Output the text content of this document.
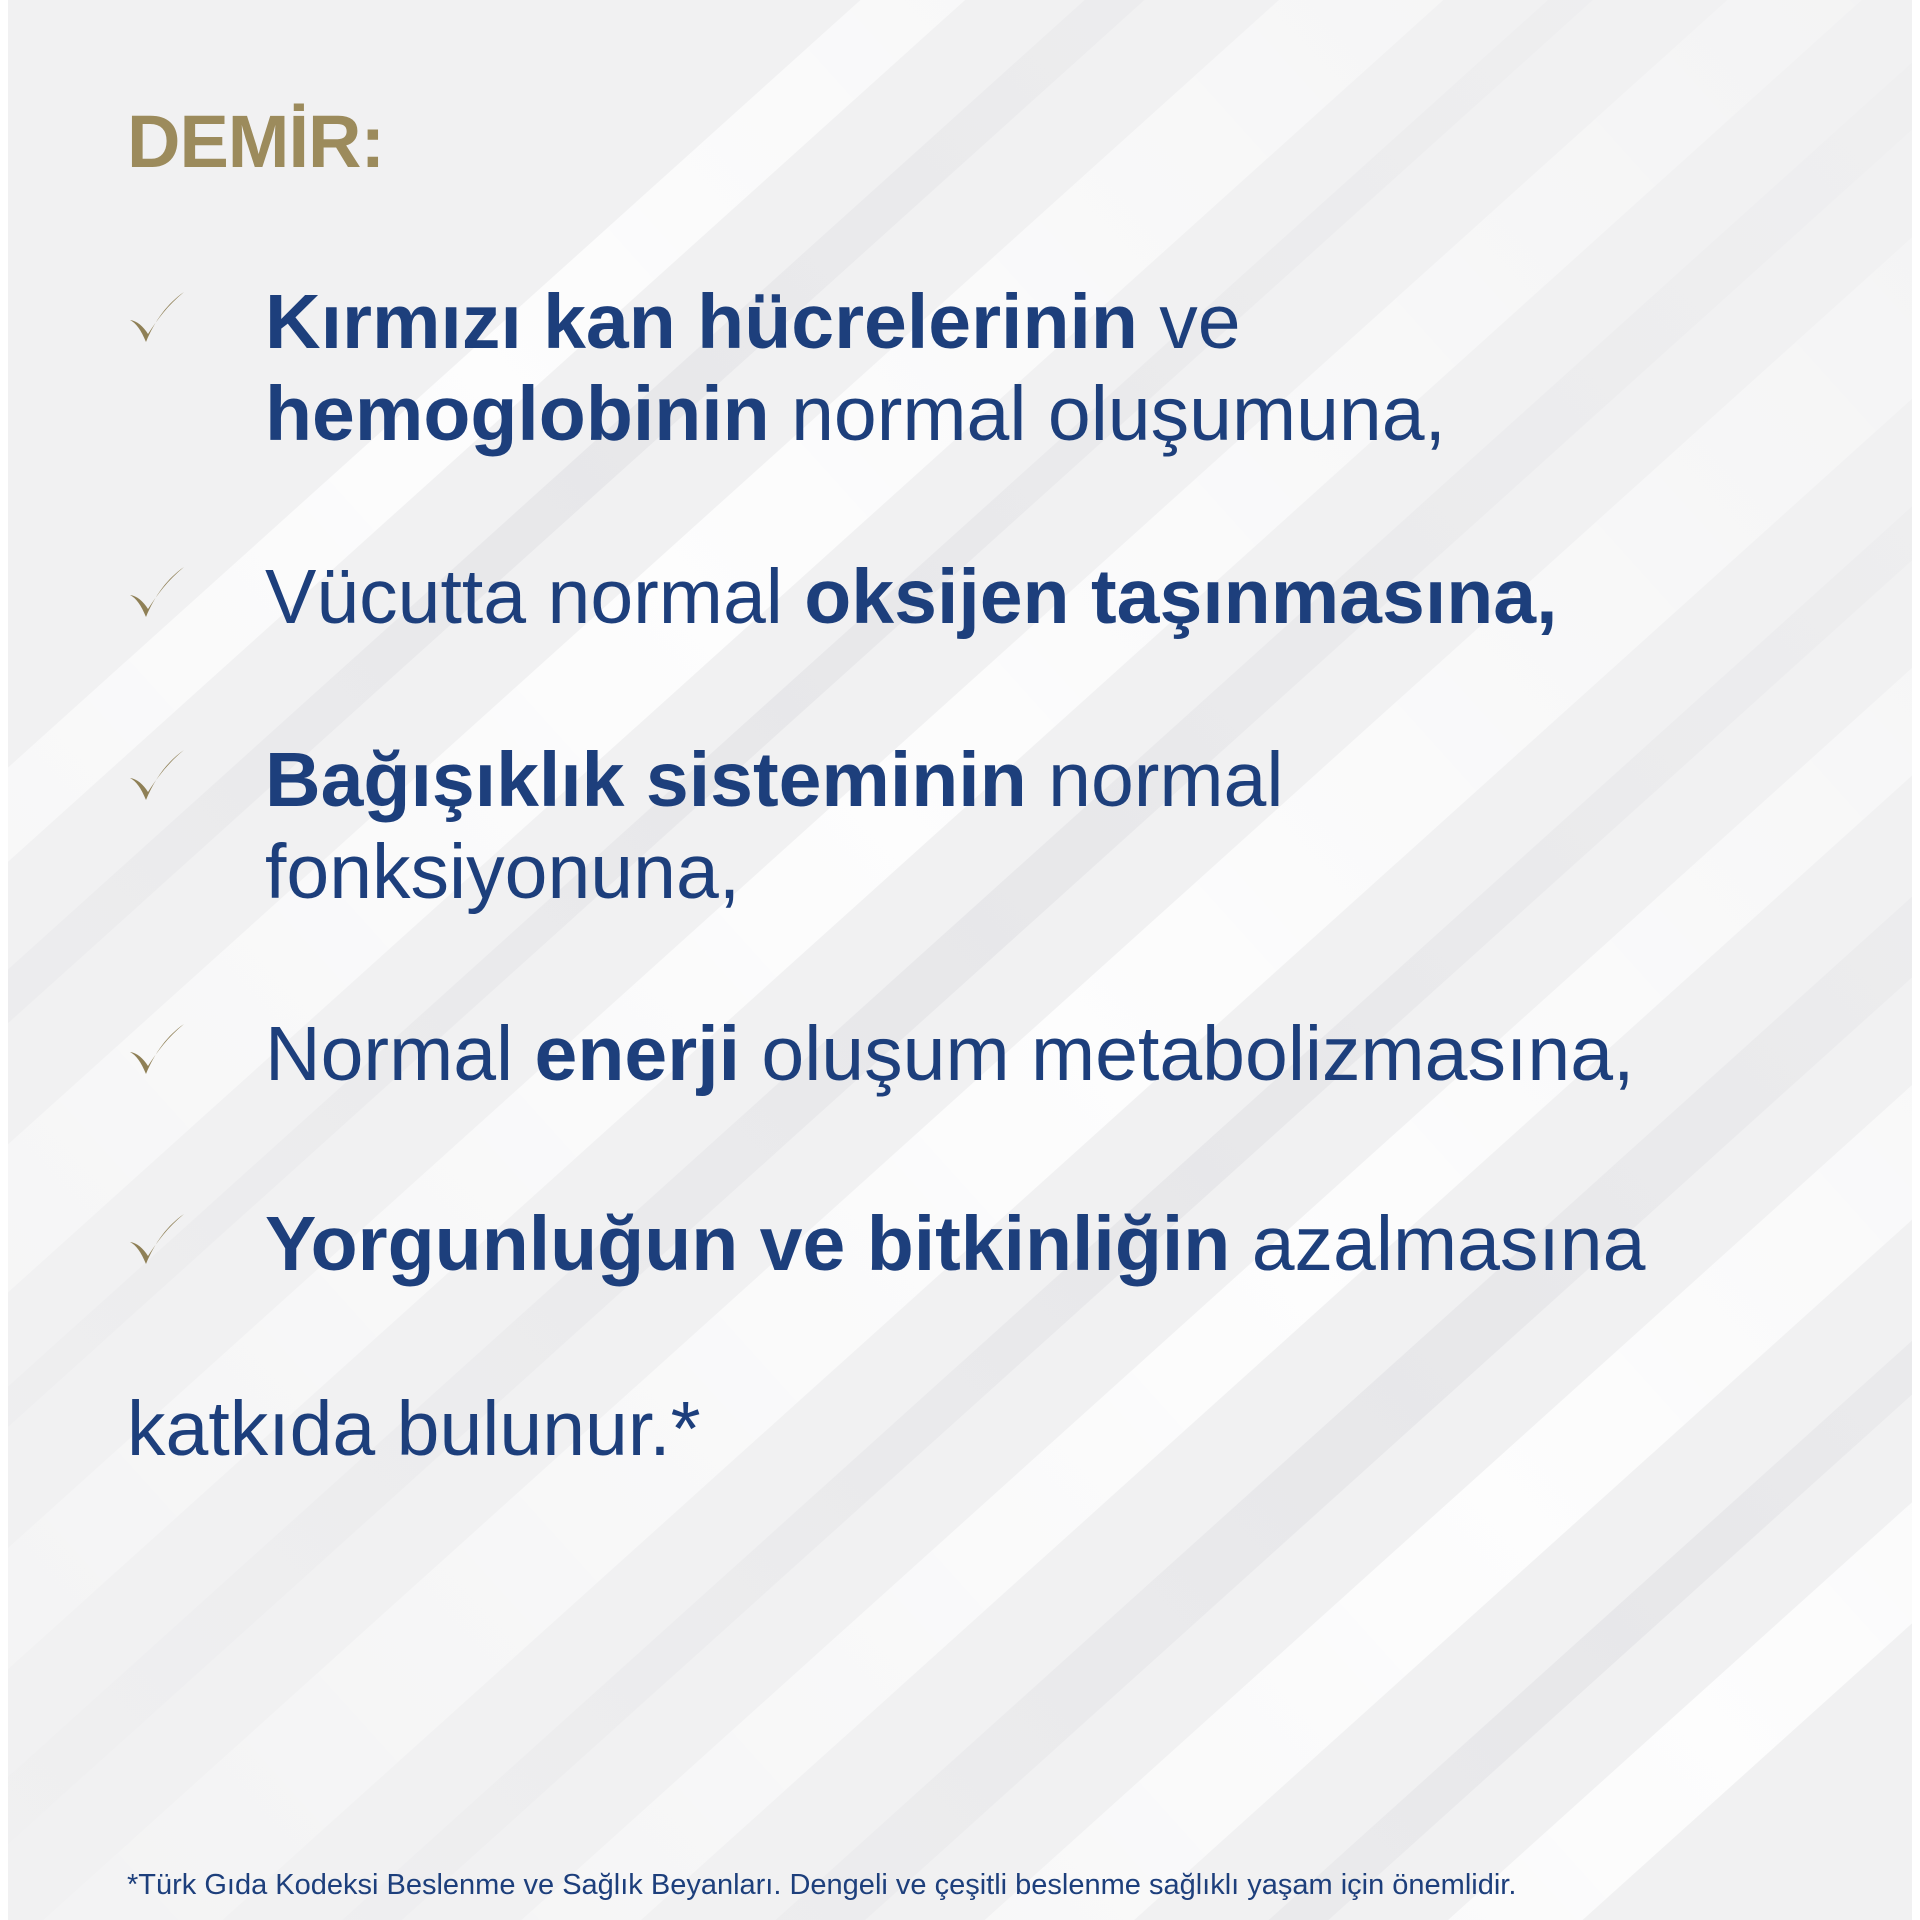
DEMİR:

Kırmızı kan hücrelerinin ve
hemoglobinin normal oluşumuna,

Vücutta normal oksijen taşınmasına,

Bağışıklık sisteminin normal
fonksiyonuna,

Normal enerji oluşum metabolizmasına,

Yorgunluğun ve bitkinliğin azalmasına

katkıda bulunur.*

*Türk Gıda Kodeksi Beslenme ve Sağlık Beyanları. Dengeli ve çeşitli beslenme sağlıklı yaşam için önemlidir.
